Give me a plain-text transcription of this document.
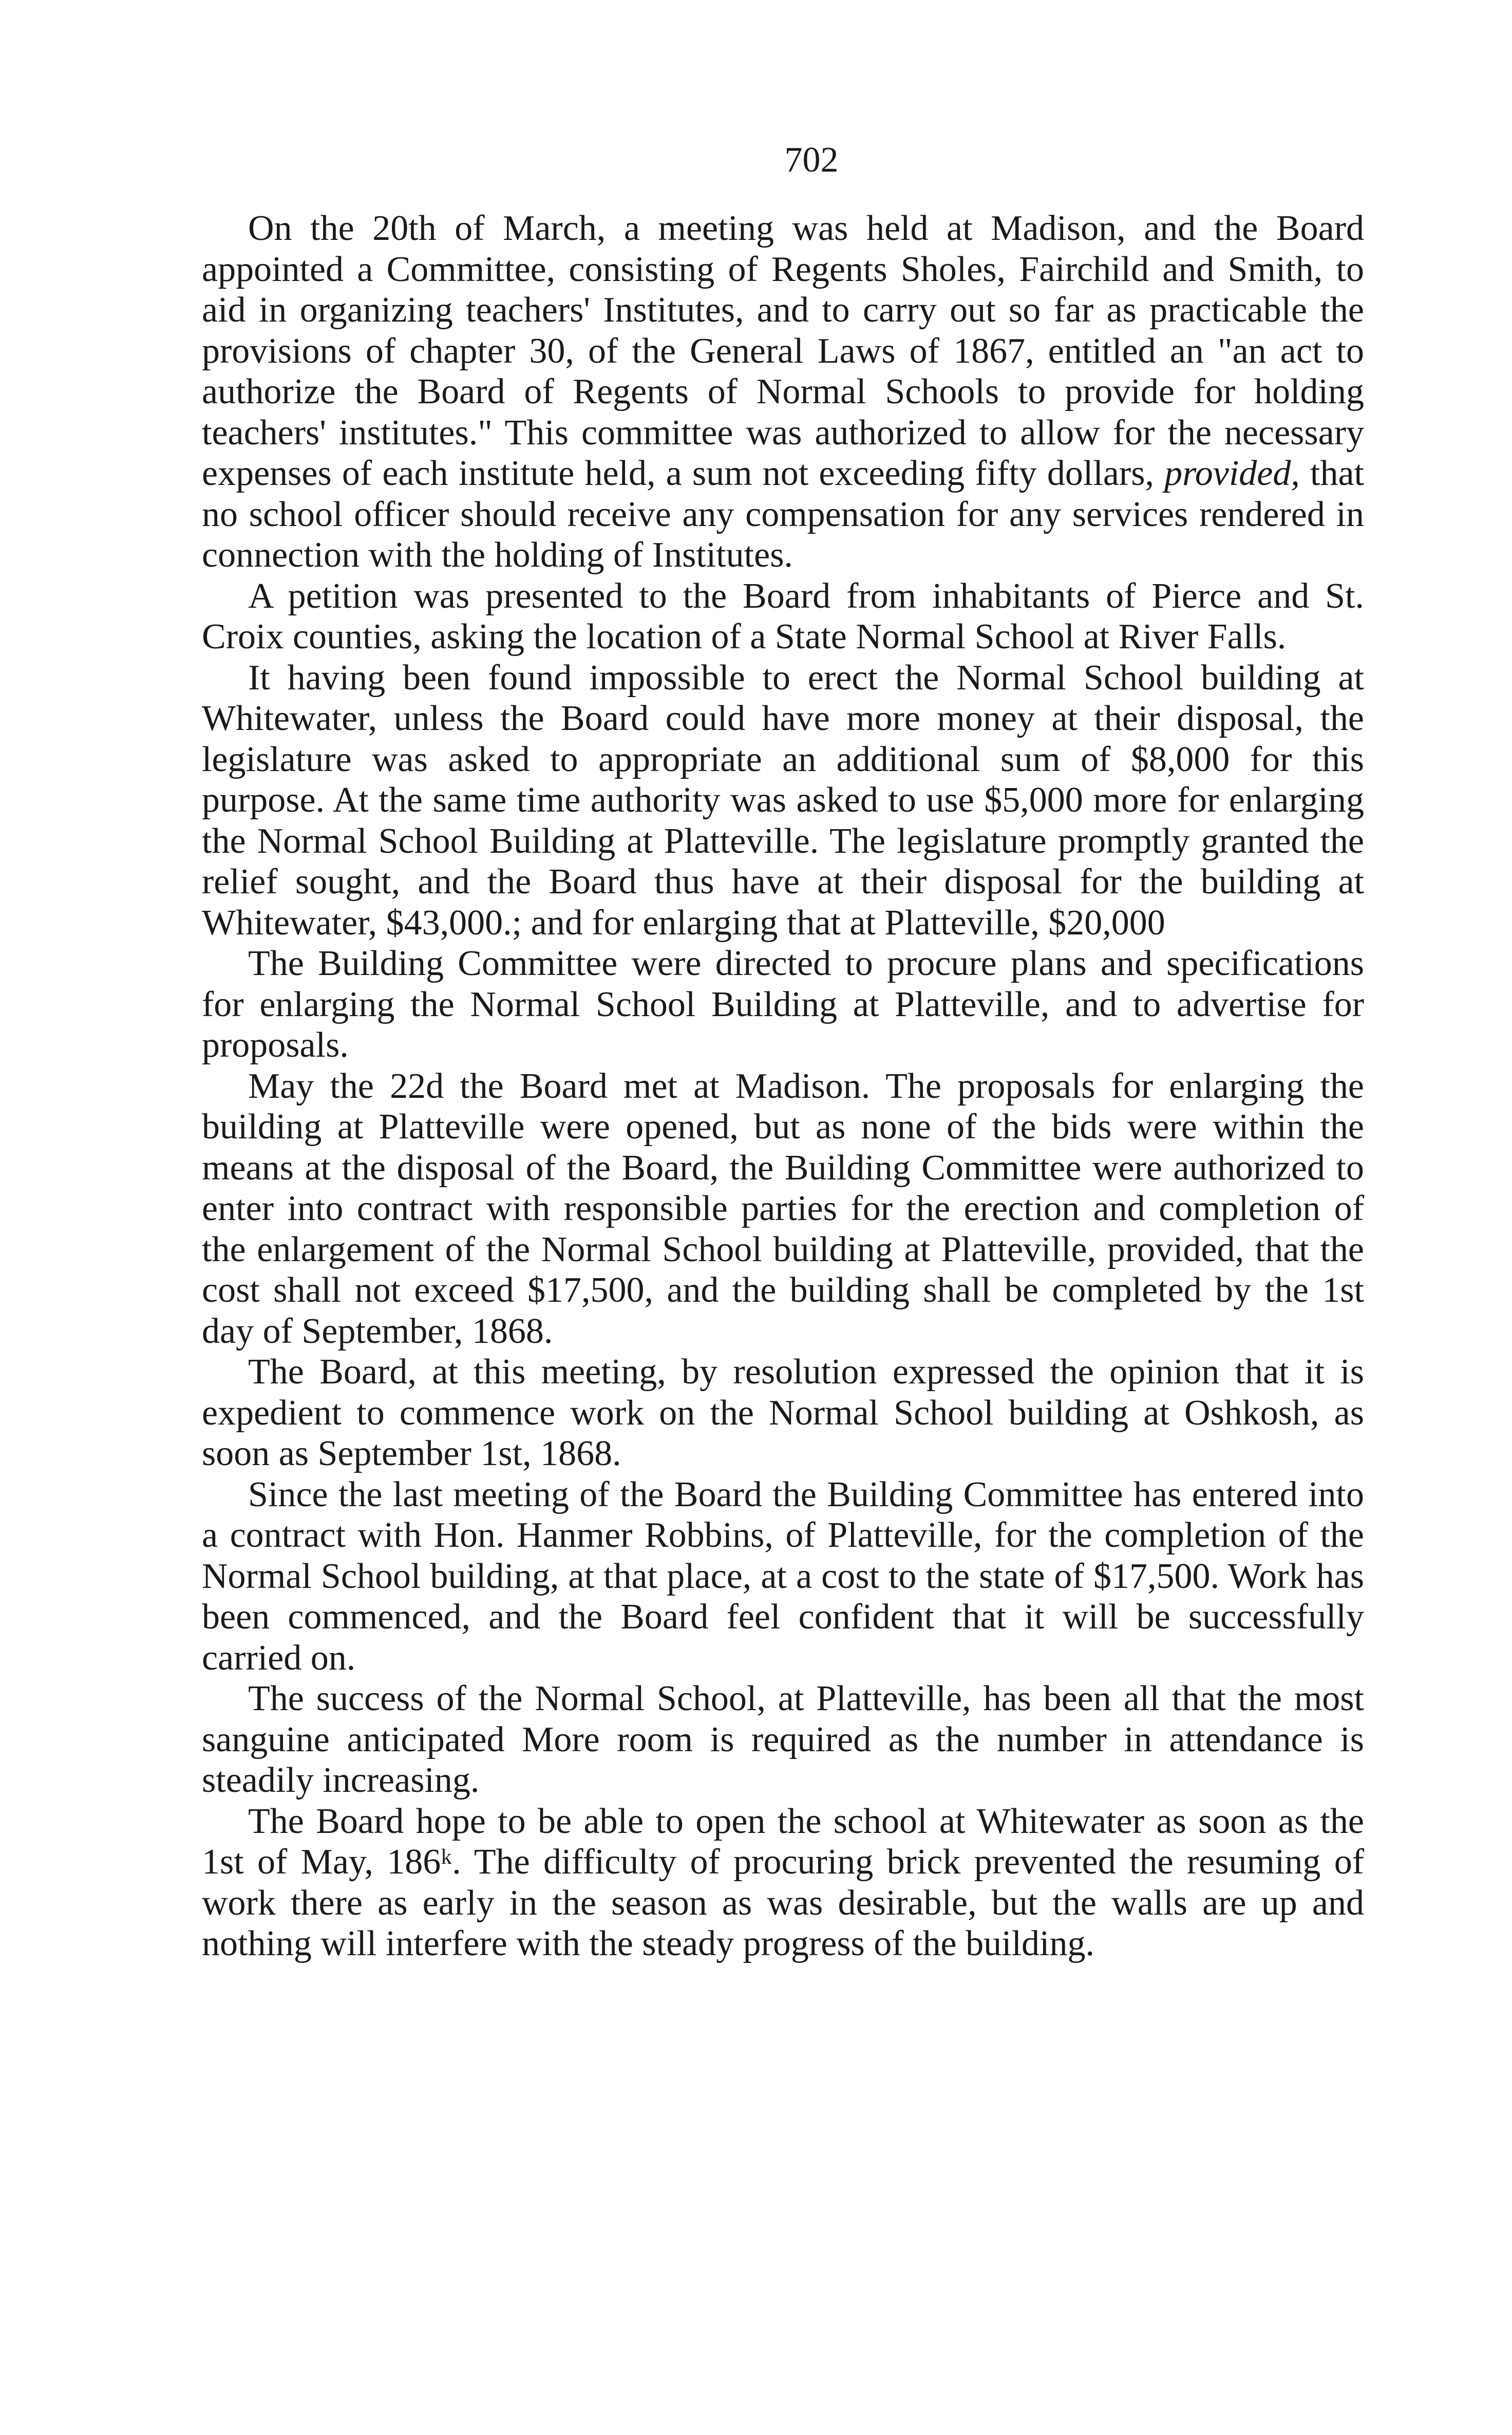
702

On the 20th of March, a meeting was held at Madison, and the Board appointed a Committee, consisting of Regents Sholes, Fairchild and Smith, to aid in organizing teachers' Institutes, and to carry out so far as practicable the provisions of chapter 30, of the General Laws of 1867, entitled an "an act to authorize the Board of Regents of Normal Schools to provide for holding teachers' institutes." This committee was authorized to allow for the necessary expenses of each institute held, a sum not exceeding fifty dollars, provided, that no school officer should receive any compensation for any services rendered in connection with the holding of Institutes.

A petition was presented to the Board from inhabitants of Pierce and St. Croix counties, asking the location of a State Normal School at River Falls.

It having been found impossible to erect the Normal School building at Whitewater, unless the Board could have more money at their disposal, the legislature was asked to appropriate an additional sum of $8,000 for this purpose. At the same time authority was asked to use $5,000 more for enlarging the Normal School Building at Platteville. The legislature promptly granted the relief sought, and the Board thus have at their disposal for the building at Whitewater, $43,000.; and for enlarging that at Platteville, $20,000

The Building Committee were directed to procure plans and specifications for enlarging the Normal School Building at Platteville, and to advertise for proposals.

May the 22d the Board met at Madison. The proposals for enlarging the building at Platteville were opened, but as none of the bids were within the means at the disposal of the Board, the Building Committee were authorized to enter into contract with responsible parties for the erection and completion of the enlargement of the Normal School building at Platteville, provided, that the cost shall not exceed $17,500, and the building shall be completed by the 1st day of September, 1868.

The Board, at this meeting, by resolution expressed the opinion that it is expedient to commence work on the Normal School building at Oshkosh, as soon as September 1st, 1868.

Since the last meeting of the Board the Building Committee has entered into a contract with Hon. Hanmer Robbins, of Platteville, for the completion of the Normal School building, at that place, at a cost to the state of $17,500. Work has been commenced, and the Board feel confident that it will be successfully carried on.

The success of the Normal School, at Platteville, has been all that the most sanguine anticipated More room is required as the number in attendance is steadily increasing.

The Board hope to be able to open the school at Whitewater as soon as the 1st of May, 186ᵏ. The difficulty of procuring brick prevented the resuming of work there as early in the season as was desirable, but the walls are up and nothing will interfere with the steady progress of the building.
